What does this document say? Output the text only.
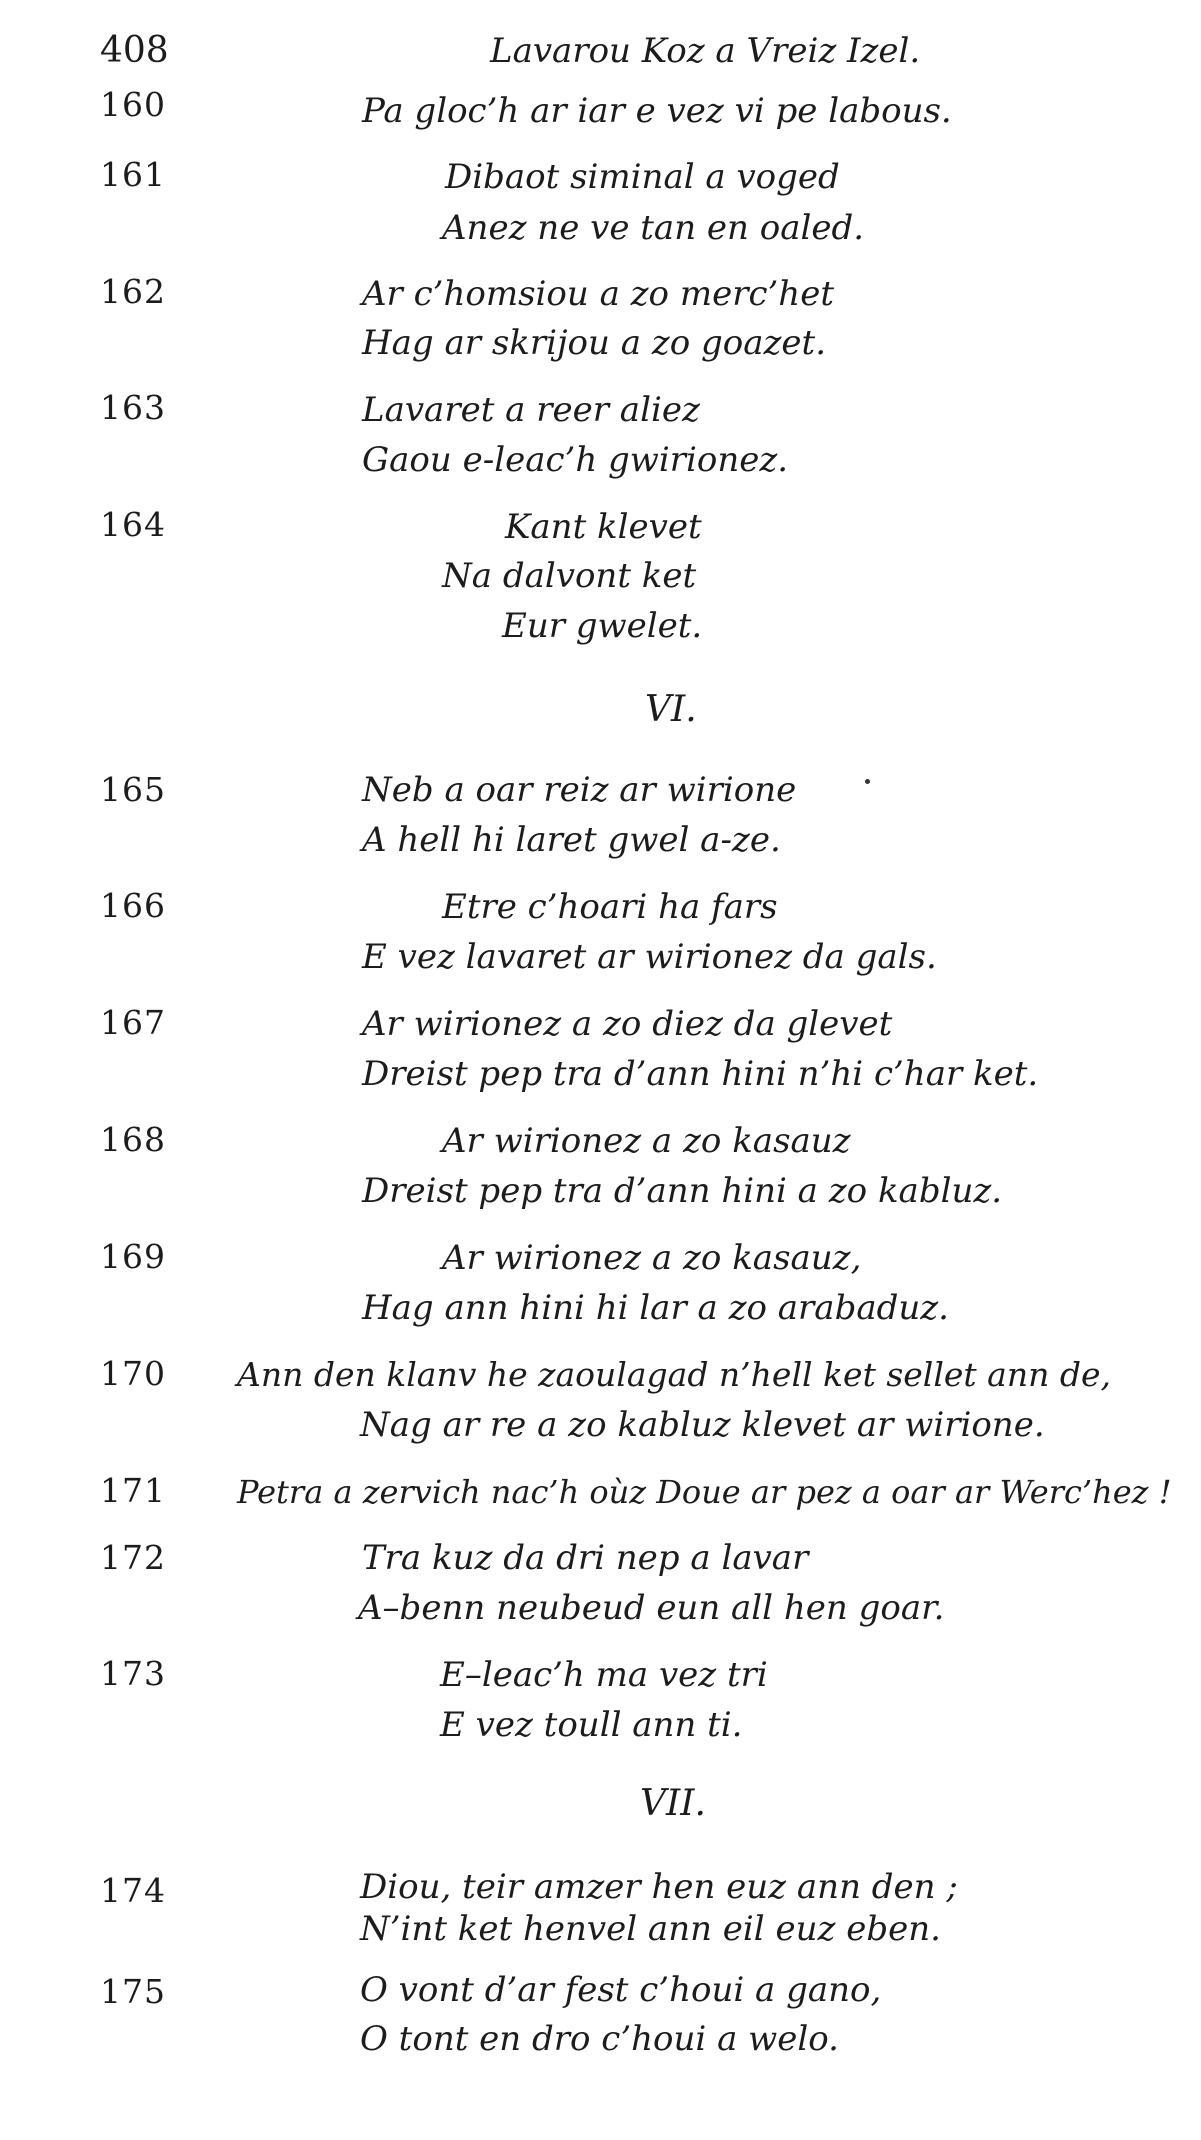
408	Lavarou Koz a Vreiz Izel.
160	Pa gloc’h ar iar e vez vi pe labous.
161	Dibaot siminal a voged
Anez ne ve tan en oaled.
162	Ar c’homsiou a zo merc’het
Hag ar skrijou a zo goazet.
163	Lavaret a reer aliez
Gaou e-leac’h gwirionez.
164	Kant klevet
Na dalvont ket
Eur gwelet.
VI.
165	Neb a oar reiz ar wirione
A hell hi laret gwel a-ze.
166	Etre c’hoari ha fars
E vez lavaret ar wirionez da gals.
167	Ar wirionez a zo diez da glevet
Dreist pep tra d’ann hini n’hi c’har ket.
168	Ar wirionez a zo kasauz
Dreist pep tra d’ann hini a zo kabluz.
169	Ar wirionez a zo kasauz,
Hag ann hini hi lar a zo arabaduz.
170 Ann den klanv he zaoulagad n’hell ket sellet ann de,
Nag ar re a zo kabluz klevet ar wirione.
171 Petra a zervich nac’h oùz Doue ar pez a oar ar Werc’hez !
172	Tra kuz da dri nep a lavar
A–benn neubeud eun all hen goar.
173	E–leac’h ma vez tri
E vez toull ann ti.
VII.
174	Diou, teir amzer hen euz ann den ;
N’int ket henvel ann eil euz eben.
175	O vont d’ar fest c’houi a gano,
O tont en dro c’houi a welo.
